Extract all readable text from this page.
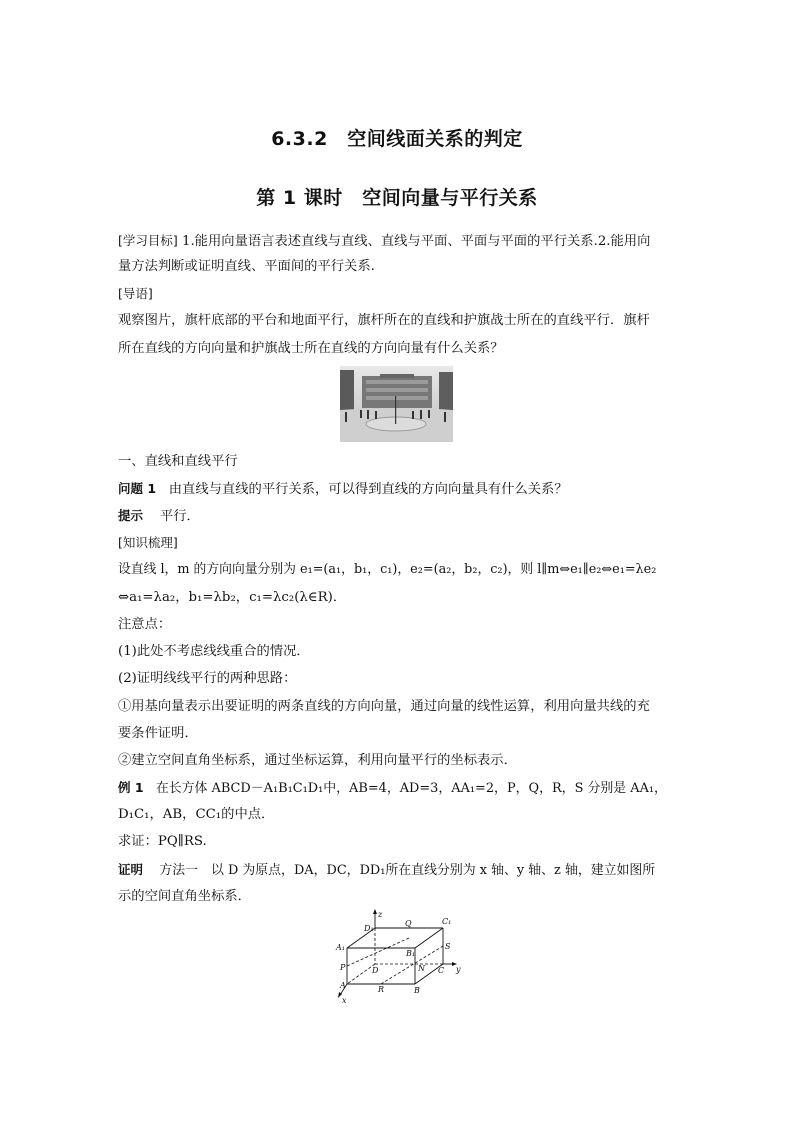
6.3.2　空间线面关系的判定
第 1 课时　空间向量与平行关系
[学习目标] 1.能用向量语言表述直线与直线、直线与平面、平面与平面的平行关系.2.能用向
量方法判断或证明直线、平面间的平行关系.
[导语]
观察图片，旗杆底部的平台和地面平行，旗杆所在的直线和护旗战士所在的直线平行．旗杆
所在直线的方向向量和护旗战士所在直线的方向向量有什么关系？
一、直线和直线平行
问题 1 由直线与直线的平行关系，可以得到直线的方向向量具有什么关系？
提示 平行．
[知识梳理]
设直线 l，m 的方向向量分别为 e₁=(a₁，b₁，c₁)，e₂=(a₂，b₂，c₂)，则 l∥m⇔e₁∥e₂⇔e₁=λe₂
⇔a₁=λa₂，b₁=λb₂，c₁=λc₂(λ∈R)．
注意点：
(1)此处不考虑线线重合的情况．
(2)证明线线平行的两种思路：
①用基向量表示出要证明的两条直线的方向向量，通过向量的线性运算，利用向量共线的充
要条件证明．
②建立空间直角坐标系，通过坐标运算，利用向量平行的坐标表示．
例 1 在长方体 ABCD－A₁B₁C₁D₁中，AB=4，AD=3，AA₁=2，P，Q，R，S 分别是 AA₁，
D₁C₁，AB，CC₁的中点．
求证：PQ∥RS.
证明 方法一　以 D 为原点，DA，DC，DD₁所在直线分别为 x 轴、y 轴、z 轴，建立如图所
示的空间直角坐标系．
z
y
x
D₁
Q	C₁
A₁
B₁
S
P	D	N C
A	R	B
